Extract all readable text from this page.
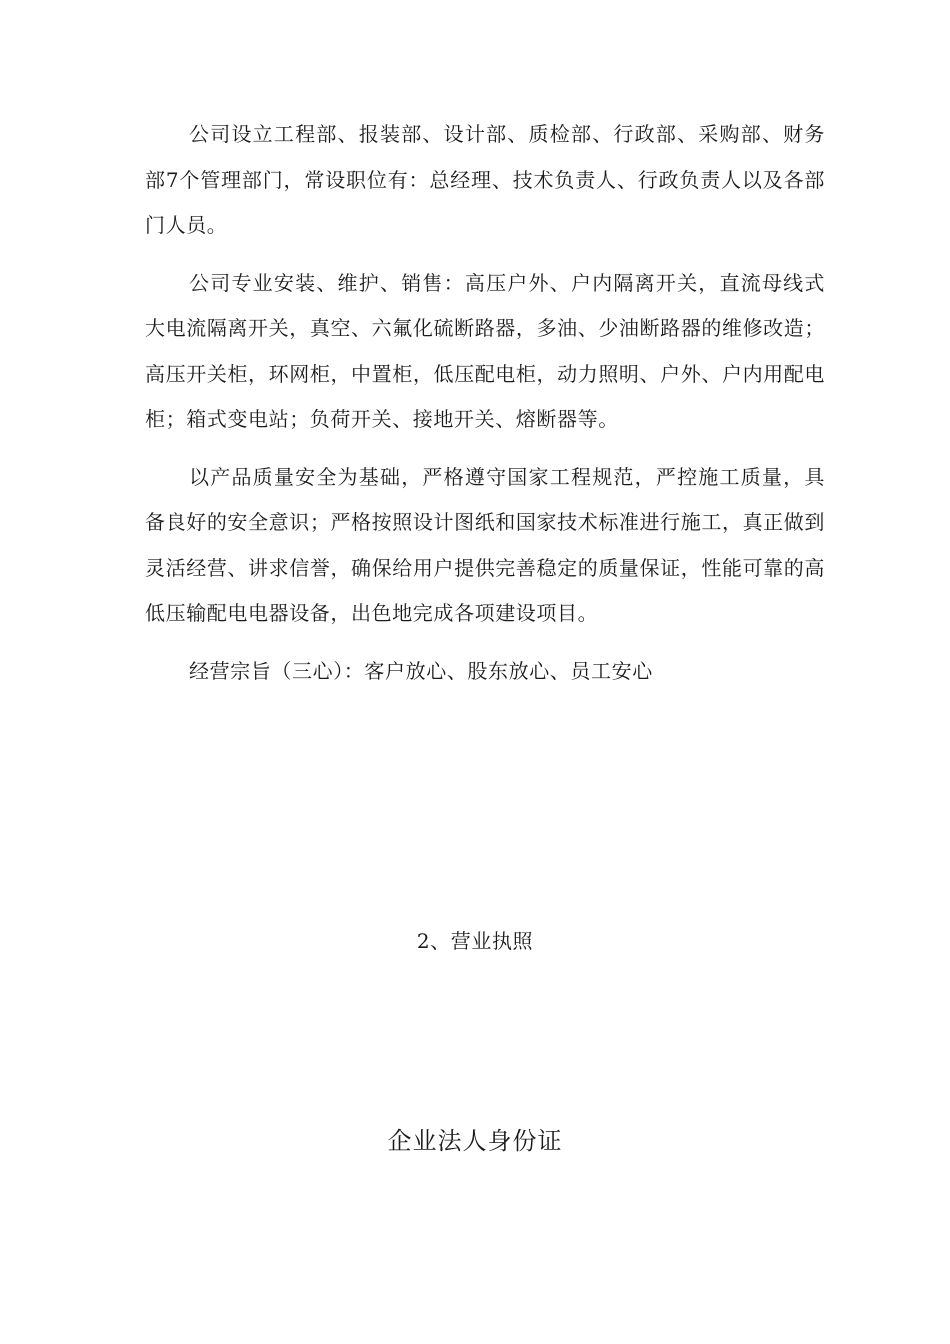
公司设立工程部、报装部、设计部、质检部、行政部、采购部、财务部7个管理部门，常设职位有：总经理、技术负责人、行政负责人以及各部门人员。

公司专业安装、维护、销售：高压户外、户内隔离开关，直流母线式大电流隔离开关，真空、六氟化硫断路器，多油、少油断路器的维修改造；高压开关柜，环网柜，中置柜，低压配电柜，动力照明、户外、户内用配电柜；箱式变电站；负荷开关、接地开关、熔断器等。

以产品质量安全为基础，严格遵守国家工程规范，严控施工质量，具备良好的安全意识；严格按照设计图纸和国家技术标准进行施工，真正做到灵活经营、讲求信誉，确保给用户提供完善稳定的质量保证，性能可靠的高低压输配电电器设备，出色地完成各项建设项目。

经营宗旨（三心）：客户放心、股东放心、员工安心

2、营业执照
企业法人身份证
